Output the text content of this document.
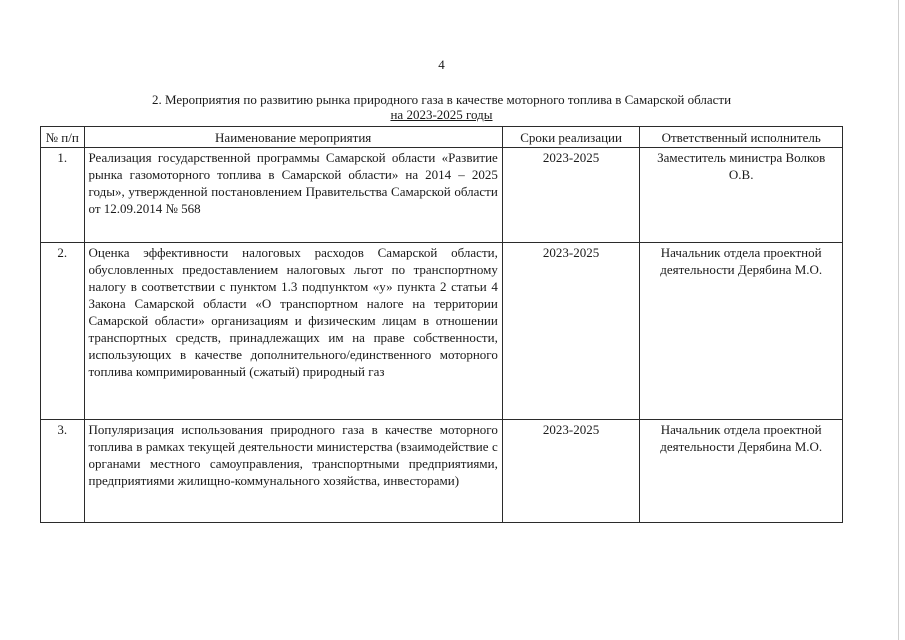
4
2. Мероприятия по развитию рынка природного газа в качестве моторного топлива в Самарской области
на 2023-2025 годы
№ п/п	Наименование мероприятия	Сроки реализации	Ответственный исполнитель
1.	Реализация государственной программы Самарской области «Развитие рынка газомоторного топлива в Самарской области» на 2014 – 2025 годы», утвержденной постановлением Правительства Самарской области от 12.09.2014 № 568	2023-2025	Заместитель министра Волков О.В.
2.	Оценка эффективности налоговых расходов Самарской области, обусловленных предоставлением налоговых льгот по транспортному налогу в соответствии с пунктом 1.3 подпунктом «у» пункта 2 статьи 4 Закона Самарской области «О транспортном налоге на территории Самарской области» организациям и физическим лицам в отношении транспортных средств, принадлежащих им на праве собственности, использующих в качестве дополнительного/единственного моторного топлива компримированный (сжатый) природный газ	2023-2025	Начальник отдела проектной деятельности Дерябина М.О.
3.	Популяризация использования природного газа в качестве моторного топлива в рамках текущей деятельности министерства (взаимодействие с органами местного самоуправления, транспортными предприятиями, предприятиями жилищно-коммунального хозяйства, инвесторами)	2023-2025	Начальник отдела проектной деятельности Дерябина М.О.
